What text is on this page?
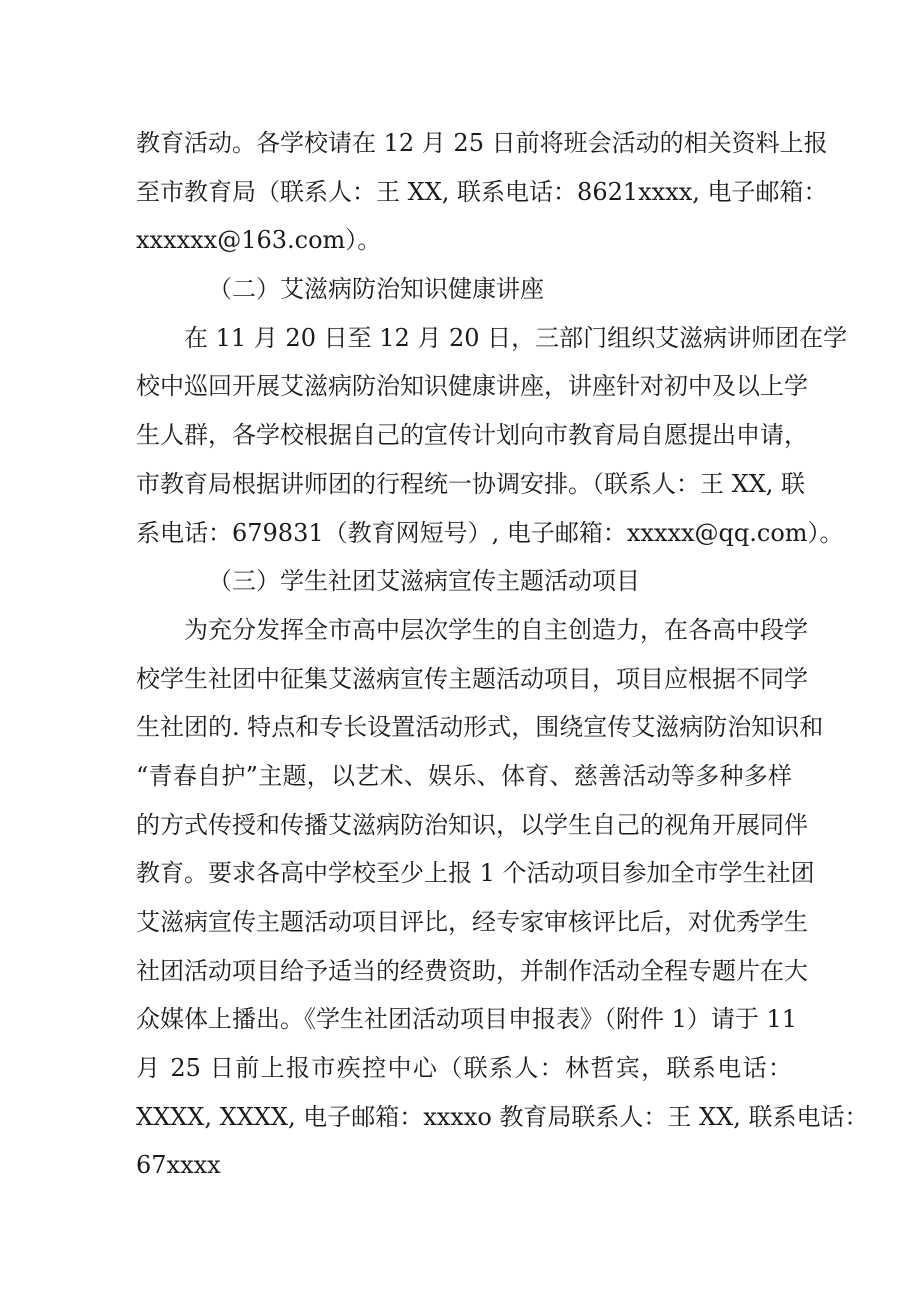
教育活动。各学校请在 12 月 25 日前将班会活动的相关资料上报
至市教育局（联系人：王 XX, 联系电话：8621xxxx, 电子邮箱：
xxxxxx@163.com）。
（二）艾滋病防治知识健康讲座
在 11 月 20 日至 12 月 20 日，三部门组织艾滋病讲师团在学
校中巡回开展艾滋病防治知识健康讲座，讲座针对初中及以上学
生人群，各学校根据自己的宣传计划向市教育局自愿提出申请，
市教育局根据讲师团的行程统一协调安排。（联系人：王 XX, 联
系电话：679831（教育网短号）, 电子邮箱：xxxxx@qq.com）。
（三）学生社团艾滋病宣传主题活动项目
为充分发挥全市高中层次学生的自主创造力，在各高中段学
校学生社团中征集艾滋病宣传主题活动项目，项目应根据不同学
生社团的. 特点和专长设置活动形式，围绕宣传艾滋病防治知识和
“青春自护”主题，以艺术、娱乐、体育、慈善活动等多种多样
的方式传授和传播艾滋病防治知识，以学生自己的视角开展同伴
教育。要求各高中学校至少上报 1 个活动项目参加全市学生社团
艾滋病宣传主题活动项目评比，经专家审核评比后，对优秀学生
社团活动项目给予适当的经费资助，并制作活动全程专题片在大
众媒体上播出。《学生社团活动项目申报表》（附件 1）请于 11
月 25 日前上报市疾控中心（联系人：林哲宾，联系电话：
XXXX, XXXX, 电子邮箱：xxxxo 教育局联系人：王 XX, 联系电话：
67xxxx
